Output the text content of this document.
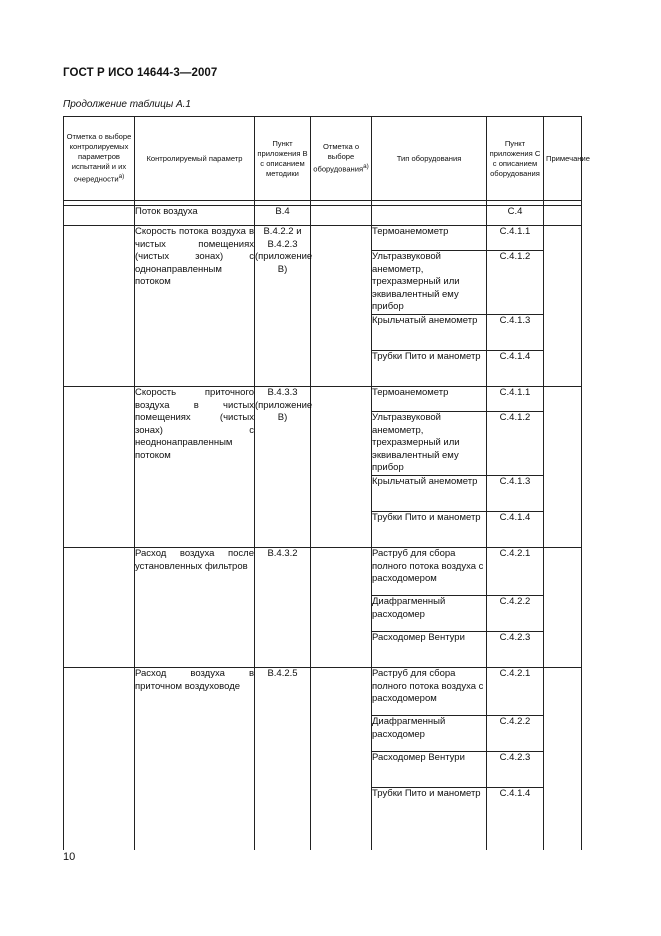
ГОСТ Р ИСО 14644-3—2007
Продолжение таблицы А.1
Отметка о выборе контролируемых параметров испытаний и их очередности$^{а)}$	Контролируемый параметр	Пункт приложения В с описанием методики	Отметка о выборе оборудования$^{а)}$	Тип оборудования	Пункт приложения С с описанием оборудования	Примечание

	Поток воздуха	В.4			С.4	
	Скорость потока воздуха в чистых помещениях (чистых зонах) с однонаправленным потоком	В.4.2.2 и В.4.2.3 (приложение В)		Термоанемометр	С.4.1.1	
				Ультразвуковой анемометр, трехразмерный или эквивалентный ему прибор	С.4.1.2	
				Крыльчатый анемометр	С.4.1.3	
				Трубки Пито и манометр	С.4.1.4	
	Скорость приточного воздуха в чистых помещениях (чистых зонах) с неоднонаправленным потоком	В.4.3.3 (приложение В)		Термоанемометр	С.4.1.1	
				Ультразвуковой анемометр, трехразмерный или эквивалентный ему прибор	С.4.1.2	
				Крыльчатый анемометр	С.4.1.3	
				Трубки Пито и манометр	С.4.1.4	
	Расход воздуха после установленных фильтров	В.4.3.2		Раструб для сбора полного потока воздуха с расходомером	С.4.2.1	
				Диафрагменный расходомер	С.4.2.2	
				Расходомер Вентури	С.4.2.3	
	Расход воздуха в приточном воздуховоде	В.4.2.5		Раструб для сбора полного потока воздуха с расходомером	С.4.2.1	
				Диафрагменный расходомер	С.4.2.2	
				Расходомер Вентури	С.4.2.3	
				Трубки Пито и манометр	С.4.1.4	
10
